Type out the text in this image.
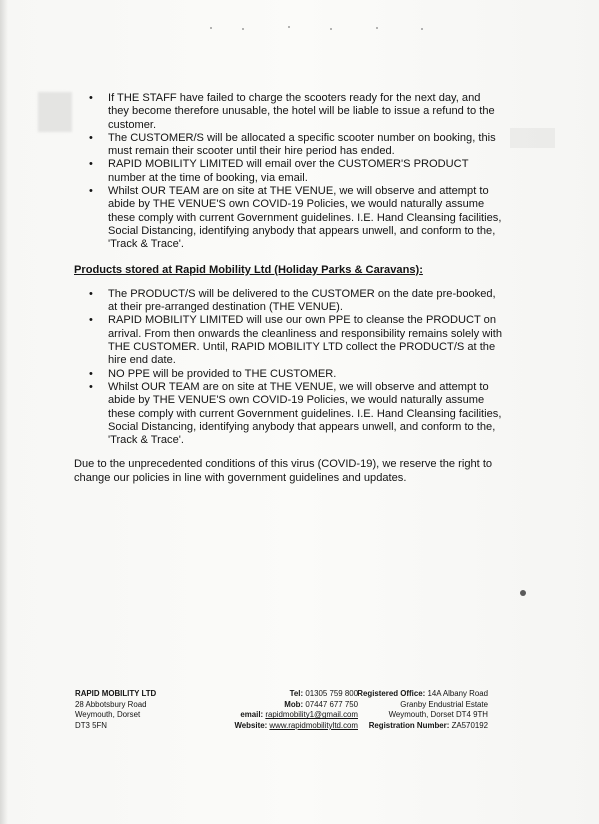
• If THE STAFF have failed to charge the scooters ready for the next day, and they become therefore unusable, the hotel will be liable to issue a refund to the customer.
• The CUSTOMER/S will be allocated a specific scooter number on booking, this must remain their scooter until their hire period has ended.
• RAPID MOBILITY LIMITED will email over the CUSTOMER'S PRODUCT number at the time of booking, via email.
• Whilst OUR TEAM are on site at THE VENUE, we will observe and attempt to abide by THE VENUE'S own COVID-19 Policies, we would naturally assume these comply with current Government guidelines. I.E. Hand Cleansing facilities, Social Distancing, identifying anybody that appears unwell, and conform to the, 'Track & Trace'.
Products stored at Rapid Mobility Ltd (Holiday Parks & Caravans):
• The PRODUCT/S will be delivered to the CUSTOMER on the date pre-booked, at their pre-arranged destination (THE VENUE).
• RAPID MOBILITY LIMITED will use our own PPE to cleanse the PRODUCT on arrival. From then onwards the cleanliness and responsibility remains solely with THE CUSTOMER. Until, RAPID MOBILITY LTD collect the PRODUCT/S at the hire end date.
• NO PPE will be provided to THE CUSTOMER.
• Whilst OUR TEAM are on site at THE VENUE, we will observe and attempt to abide by THE VENUE'S own COVID-19 Policies, we would naturally assume these comply with current Government guidelines. I.E. Hand Cleansing facilities, Social Distancing, identifying anybody that appears unwell, and conform to the, 'Track & Trace'.

Due to the unprecedented conditions of this virus (COVID-19), we reserve the right to change our policies in line with government guidelines and updates.

RAPID MOBILITY LTD
28 Abbotsbury Road
Weymouth, Dorset
DT3 5FN
Tel: 01305 759 800
Mob: 07447 677 750
email: rapidmobility1@gmail.com
Website: www.rapidmobilityltd.com
Registered Office: 14A Albany Road
Granby Endustrial Estate
Weymouth, Dorset DT4 9TH
Registration Number: ZA570192
